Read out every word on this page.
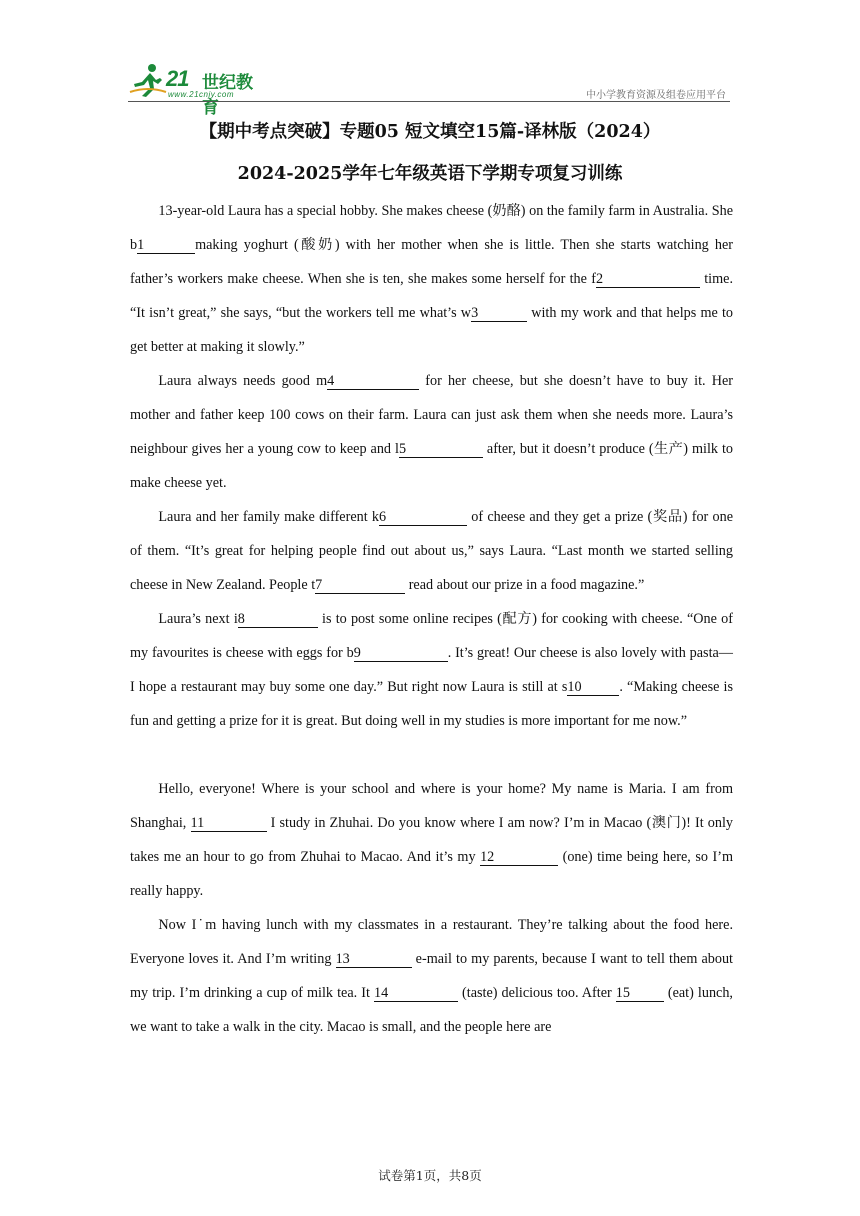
21 世纪教育
www.21cnjy.com	中小学教育资源及组卷应用平台
【期中考点突破】专题05 短文填空15篇-译林版（2024）
2024-2025学年七年级英语下学期专项复习训练

13-year-old Laura has a special hobby. She makes cheese (奶酪) on the family farm in Australia. She b1	making yoghurt (酸奶) with her mother when she is little. Then she starts watching her father’s workers make cheese. When she is ten, she makes some herself for the f2	time. “It isn’t great,” she says, “but the workers tell me what’s w3	with my work and that helps me to get better at making it slowly.”

Laura always needs good m4	for her cheese, but she doesn’t have to buy it. Her mother and father keep 100 cows on their farm. Laura can just ask them when she needs more. Laura’s neighbour gives her a young cow to keep and l5	after, but it doesn’t produce (生产) milk to make cheese yet.

Laura and her family make different k6	of cheese and they get a prize (奖品) for one of them. “It’s great for helping people find out about us,” says Laura. “Last month we started selling cheese in New Zealand. People t7	read about our prize in a food magazine.”

Laura’s next i8	is to post some online recipes (配方) for cooking with cheese. “One of my favourites is cheese with eggs for b9	. It’s great! Our cheese is also lovely with pasta—I hope a restaurant may buy some one day.” But right now Laura is still at s10	. “Making cheese is fun and getting a prize for it is great. But doing well in my studies is more important for me now.”

Hello, everyone! Where is your school and where is your home? My name is Maria. I am from Shanghai, 11	I study in Zhuhai. Do you know where I am now? I’m in Macao (澳门)! It only takes me an hour to go from Zhuhai to Macao. And it’s my 12	(one) time being here, so I’m really happy.

Now I˙m having lunch with my classmates in a restaurant. They’re talking about the food here. Everyone loves it. And I’m writing 13	e-mail to my parents, because I want to tell them about my trip. I’m drinking a cup of milk tea. It 14	(taste) delicious too. After 15 (eat) lunch, we want to take a walk in the city. Macao is small, and the people here are

试卷第1页，共8页
